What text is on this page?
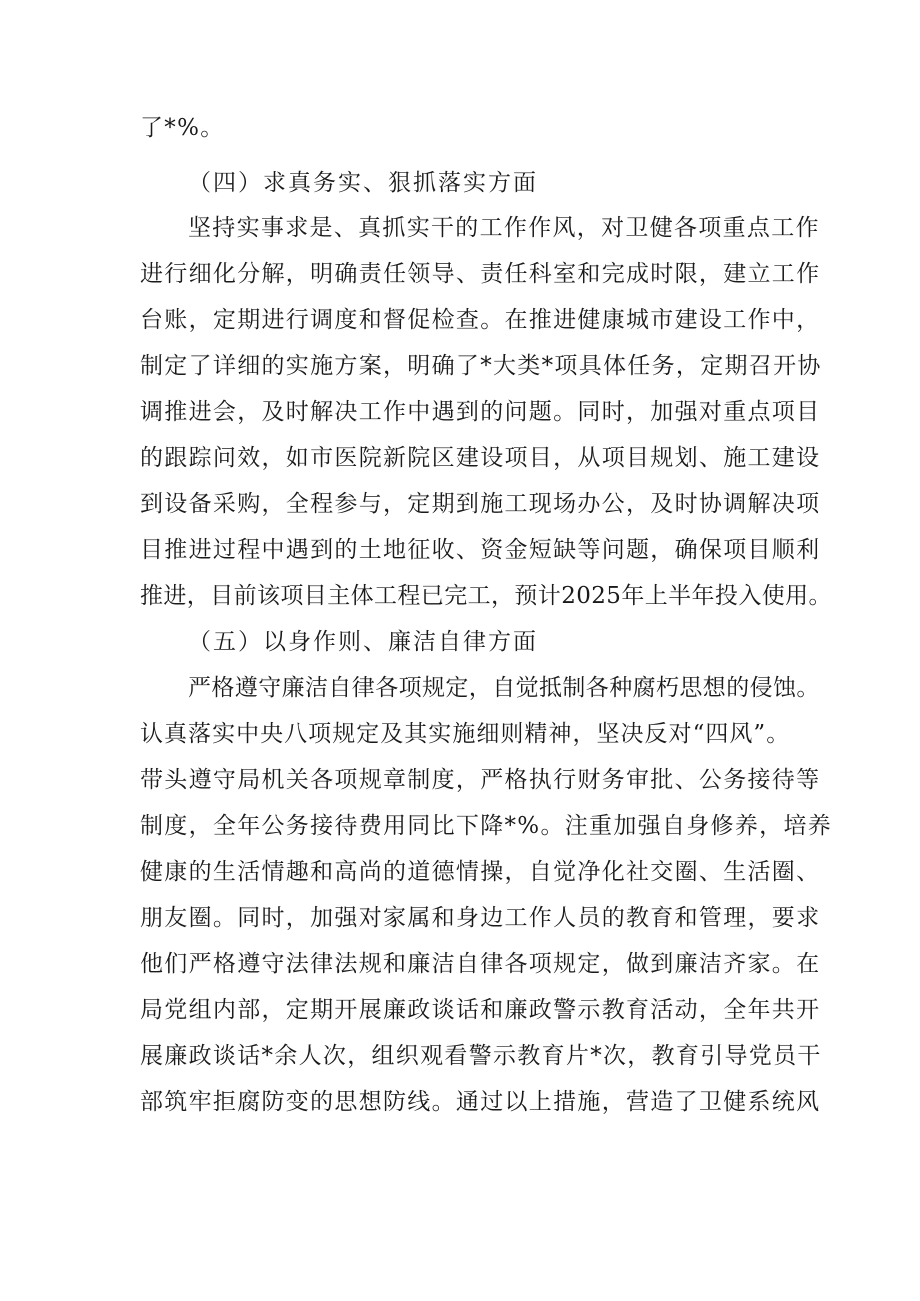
了*%。
（四）求真务实、狠抓落实方面
坚持实事求是、真抓实干的工作作风，对卫健各项重点工作
进行细化分解，明确责任领导、责任科室和完成时限，建立工作
台账，定期进行调度和督促检查。在推进健康城市建设工作中，
制定了详细的实施方案，明确了*大类*项具体任务，定期召开协
调推进会，及时解决工作中遇到的问题。同时，加强对重点项目
的跟踪问效，如市医院新院区建设项目，从项目规划、施工建设
到设备采购，全程参与，定期到施工现场办公，及时协调解决项
目推进过程中遇到的土地征收、资金短缺等问题，确保项目顺利
推进，目前该项目主体工程已完工，预计2025年上半年投入使用。
（五）以身作则、廉洁自律方面
严格遵守廉洁自律各项规定，自觉抵制各种腐朽思想的侵蚀。
认真落实中央八项规定及其实施细则精神，坚决反对“四风”。
带头遵守局机关各项规章制度，严格执行财务审批、公务接待等
制度，全年公务接待费用同比下降*%。注重加强自身修养，培养
健康的生活情趣和高尚的道德情操，自觉净化社交圈、生活圈、
朋友圈。同时，加强对家属和身边工作人员的教育和管理，要求
他们严格遵守法律法规和廉洁自律各项规定，做到廉洁齐家。在
局党组内部，定期开展廉政谈话和廉政警示教育活动，全年共开
展廉政谈话*余人次，组织观看警示教育片*次，教育引导党员干
部筑牢拒腐防变的思想防线。通过以上措施，营造了卫健系统风
